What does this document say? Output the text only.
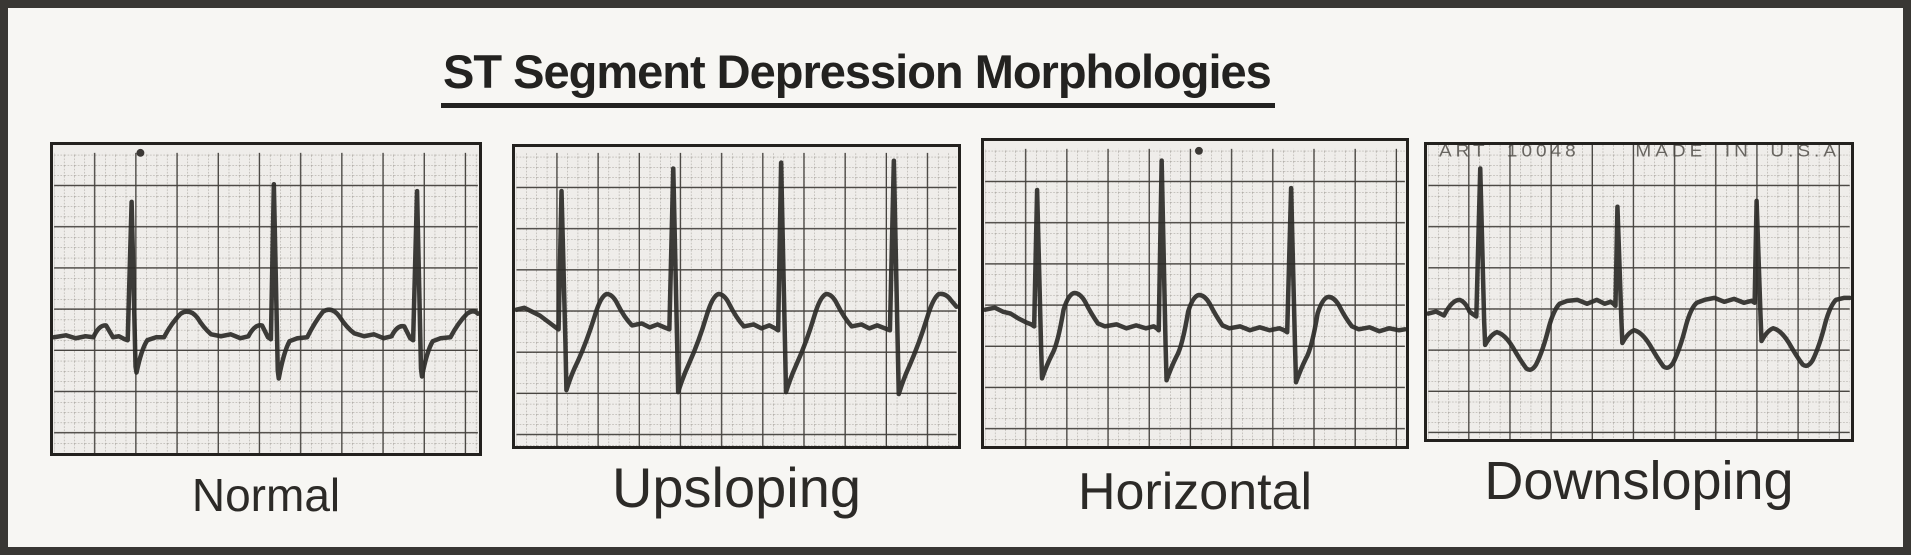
ST Segment Depression Morphologies
ART  10048      MADE  IN  U.S.A
Normal	Upsloping	Horizontal	Downsloping
